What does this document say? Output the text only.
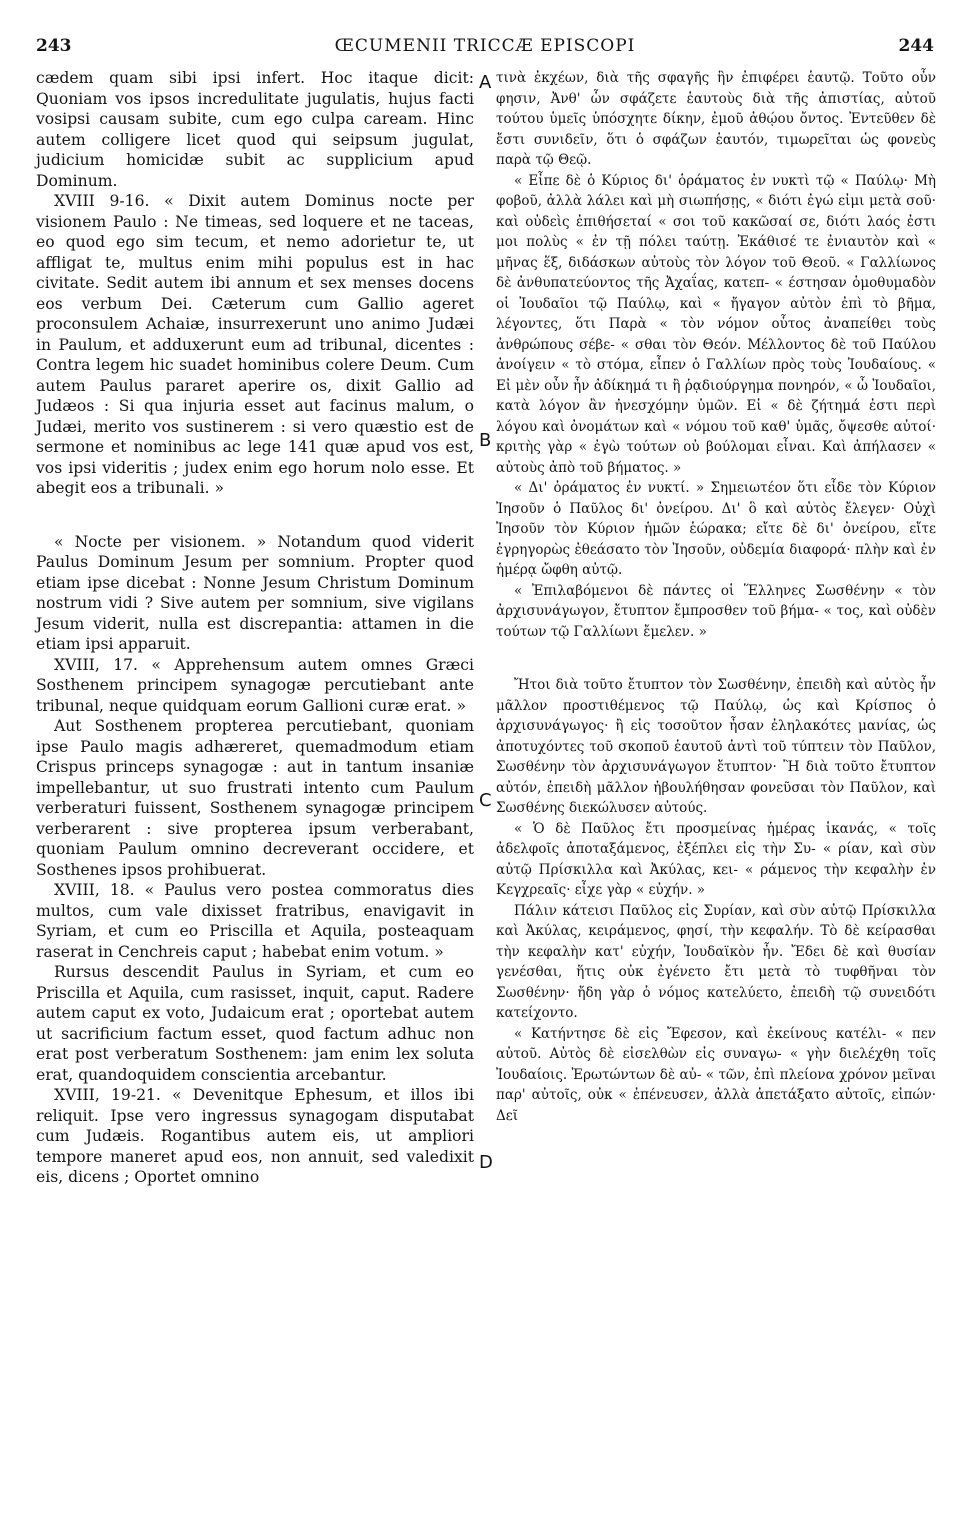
243	ŒCUMENII TRICCÆ EPISCOPI	244

cædem quam sibi ipsi infert. Hoc itaque dicit: Quoniam vos ipsos incredulitate jugulatis, hujus facti vosipsi causam subite, cum ego culpa caream. Hinc autem colligere licet quod qui seipsum jugulat, judicium homicidæ subit ac supplicium apud Dominum.

XVIII 9-16. « Dixit autem Dominus nocte per visionem Paulo : Ne timeas, sed loquere et ne taceas, eo quod ego sim tecum, et nemo adorietur te, ut affligat te, multus enim mihi populus est in hac civitate. Sedit autem ibi annum et sex menses docens eos verbum Dei. Cæterum cum Gallio ageret proconsulem Achaiæ, insurrexerunt uno animo Judæi in Paulum, et adduxerunt eum ad tribunal, dicentes : Contra legem hic suadet hominibus colere Deum. Cum autem Paulus pararet aperire os, dixit Gallio ad Judæos : Si qua injuria esset aut facinus malum, o Judæi, merito vos sustinerem : si vero quæstio est de sermone et nominibus ac lege 141 quæ apud vos est, vos ipsi videritis ; judex enim ego horum nolo esse. Et abegit eos a tribunali. »

« Nocte per visionem. » Notandum quod viderit Paulus Dominum Jesum per somnium. Propter quod etiam ipse dicebat : Nonne Jesum Christum Dominum nostrum vidi ? Sive autem per somnium, sive vigilans Jesum viderit, nulla est discrepantia: attamen in die etiam ipsi apparuit.

XVIII, 17. « Apprehensum autem omnes Græci Sosthenem principem synagogæ percutiebant ante tribunal, neque quidquam eorum Gallioni curæ erat. »

Aut Sosthenem propterea percutiebant, quoniam ipse Paulo magis adhæreret, quemadmodum etiam Crispus princeps synagogæ : aut in tantum insaniæ impellebantur, ut suo frustrati intento cum Paulum verberaturi fuissent, Sosthenem synagogæ principem verberarent : sive propterea ipsum verberabant, quoniam Paulum omnino decreverant occidere, et Sosthenes ipsos prohibuerat.

XVIII, 18. « Paulus vero postea commoratus dies multos, cum vale dixisset fratribus, enavigavit in Syriam, et cum eo Priscilla et Aquila, posteaquam raserat in Cenchreis caput ; habebat enim votum. »

Rursus descendit Paulus in Syriam, et cum eo Priscilla et Aquila, cum rasisset, inquit, caput. Radere autem caput ex voto, Judaicum erat ; oportebat autem ut sacrificium factum esset, quod factum adhuc non erat post verberatum Sosthenem: jam enim lex soluta erat, quandoquidem conscientia arcebantur.

XVIII, 19-21. « Devenitque Ephesum, et illos ibi reliquit. Ipse vero ingressus synagogam disputabat cum Judæis. Rogantibus autem eis, ut ampliori tempore maneret apud eos, non annuit, sed valedixit eis, dicens ; Oportet omnino

τινὰ ἐκχέων, διὰ τῆς σφαγῆς ἣν ἐπιφέρει ἑαυτῷ. Τοῦτο οὖν φησιν, Ἀνθ' ὧν σφάζετε ἑαυτοὺς διὰ τῆς ἀπιστίας, αὐτοῦ τούτου ὑμεῖς ὑπόσχητε δίκην, ἐμοῦ ἀθῴου ὄντος. Ἐντεῦθεν δὲ ἔστι συνιδεῖν, ὅτι ὁ σφάζων ἑαυτόν, τιμωρεῖται ὡς φονεὺς παρὰ τῷ Θεῷ.

« Εἶπε δὲ ὁ Κύριος δι' ὁράματος ἐν νυκτὶ τῷ « Παύλῳ· Μὴ φοβοῦ, ἀλλὰ λάλει καὶ μὴ σιωπήσῃς, « διότι ἐγώ εἰμι μετὰ σοῦ· καὶ οὐδεὶς ἐπιθήσεταί « σοι τοῦ κακῶσαί σε, διότι λαός ἐστι μοι πολὺς « ἐν τῇ πόλει ταύτῃ. Ἐκάθισέ τε ἐνιαυτὸν καὶ « μῆνας ἕξ, διδάσκων αὐτοὺς τὸν λόγον τοῦ Θεοῦ. « Γαλλίωνος δὲ ἀνθυπατεύοντος τῆς Ἀχαΐας, κατεπ- « έστησαν ὁμοθυμαδὸν οἱ Ἰουδαῖοι τῷ Παύλῳ, καὶ « ἤγαγον αὐτὸν ἐπὶ τὸ βῆμα, λέγοντες, ὅτι Παρὰ « τὸν νόμον οὗτος ἀναπείθει τοὺς ἀνθρώπους σέβε- « σθαι τὸν Θεόν. Μέλλοντος δὲ τοῦ Παύλου ἀνοίγειν « τὸ στόμα, εἶπεν ὁ Γαλλίων πρὸς τοὺς Ἰουδαίους. « Εἰ μὲν οὖν ἦν ἀδίκημά τι ἢ ῥᾳδιούργημα πονηρόν, « ὦ Ἰουδαῖοι, κατὰ λόγον ἂν ἠνεσχόμην ὑμῶν. Εἰ « δὲ ζήτημά ἐστι περὶ λόγου καὶ ὀνομάτων καὶ « νόμου τοῦ καθ' ὑμᾶς, ὄψεσθε αὐτοί· κριτὴς γὰρ « ἐγὼ τούτων οὐ βούλομαι εἶναι. Καὶ ἀπήλασεν « αὐτοὺς ἀπὸ τοῦ βήματος. »

« Δι' ὁράματος ἐν νυκτί. » Σημειωτέον ὅτι εἶδε τὸν Κύριον Ἰησοῦν ὁ Παῦλος δι' ὀνείρου. Δι' ὃ καὶ αὐτὸς ἔλεγεν· Οὐχὶ Ἰησοῦν τὸν Κύριον ἡμῶν ἑώρακα; εἴτε δὲ δι' ὀνείρου, εἴτε ἐγρηγορὼς ἐθεάσατο τὸν Ἰησοῦν, οὐδεμία διαφορά· πλὴν καὶ ἐν ἡμέρᾳ ὤφθη αὐτῷ.

« Ἐπιλαβόμενοι δὲ πάντες οἱ Ἕλληνες Σωσθένην « τὸν ἀρχισυνάγωγον, ἔτυπτον ἔμπροσθεν τοῦ βήμα- « τος, καὶ οὐδὲν τούτων τῷ Γαλλίωνι ἔμελεν. »

Ἤτοι διὰ τοῦτο ἔτυπτον τὸν Σωσθένην, ἐπειδὴ καὶ αὐτὸς ἦν μᾶλλον προστιθέμενος τῷ Παύλῳ, ὡς καὶ Κρίσπος ὁ ἀρχισυνάγωγος· ἢ εἰς τοσοῦτον ἦσαν ἐληλακότες μανίας, ὡς ἀποτυχόντες τοῦ σκοποῦ ἑαυτοῦ ἀντὶ τοῦ τύπτειν τὸν Παῦλον, Σωσθένην τὸν ἀρχισυνάγωγον ἔτυπτον· Ἢ διὰ τοῦτο ἔτυπτον αὐτόν, ἐπειδὴ μᾶλλον ἠβουλήθησαν φονεῦσαι τὸν Παῦλον, καὶ Σωσθένης διεκώλυσεν αὐτούς.

« Ὁ δὲ Παῦλος ἔτι προσμείνας ἡμέρας ἱκανάς, « τοῖς ἀδελφοῖς ἀποταξάμενος, ἐξέπλει εἰς τὴν Συ- « ρίαν, καὶ σὺν αὐτῷ Πρίσκιλλα καὶ Ἀκύλας, κει- « ράμενος τὴν κεφαλὴν ἐν Κεγχρεαῖς· εἶχε γὰρ « εὐχήν. »

Πάλιν κάτεισι Παῦλος εἰς Συρίαν, καὶ σὺν αὐτῷ Πρίσκιλλα καὶ Ἀκύλας, κειράμενος, φησί, τὴν κεφαλήν. Τὸ δὲ κείρασθαι τὴν κεφαλὴν κατ' εὐχήν, Ἰουδαϊκὸν ἦν. Ἔδει δὲ καὶ θυσίαν γενέσθαι, ἥτις οὐκ ἐγένετο ἔτι μετὰ τὸ τυφθῆναι τὸν Σωσθένην· ἤδη γὰρ ὁ νόμος κατελύετο, ἐπειδὴ τῷ συνειδότι κατείχοντο.

« Κατήντησε δὲ εἰς Ἔφεσον, καὶ ἐκείνους κατέλι- « πεν αὐτοῦ. Αὐτὸς δὲ εἰσελθὼν εἰς συναγω- « γὴν διελέχθη τοῖς Ἰουδαίοις. Ἐρωτώντων δὲ αὐ- « τῶν, ἐπὶ πλείονα χρόνον μεῖναι παρ' αὐτοῖς, οὐκ « ἐπένευσεν, ἀλλὰ ἀπετάξατο αὐτοῖς, εἰπών· Δεῖ

A
B
C
D
